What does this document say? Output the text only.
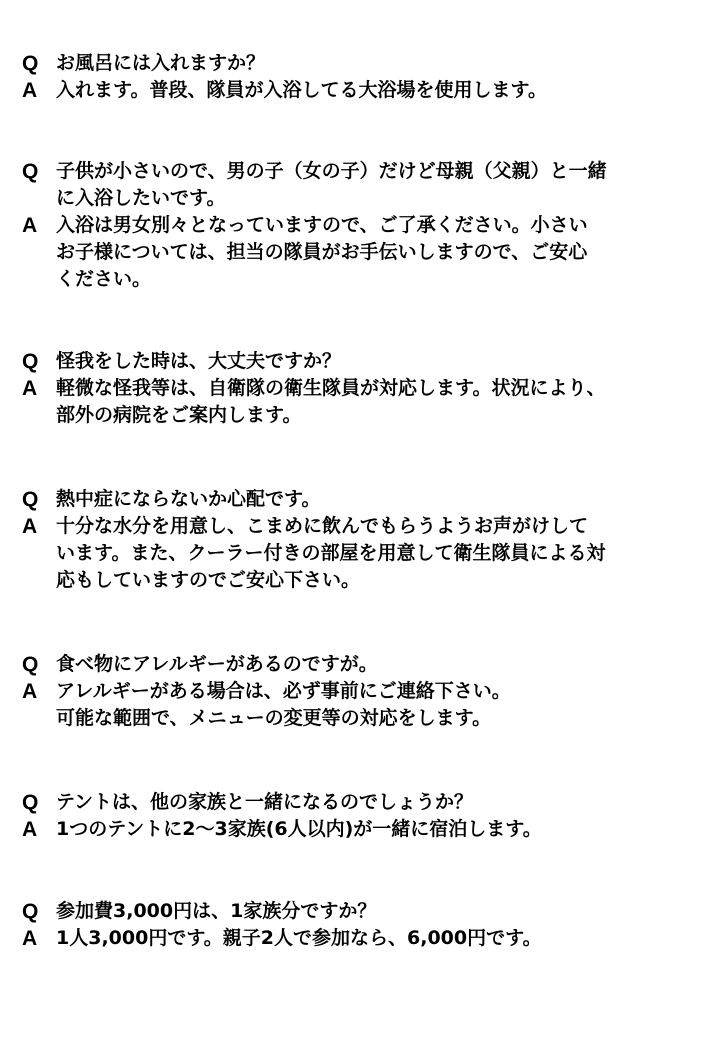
Q お風呂には入れますか？
A 入れます。普段、隊員が入浴してる大浴場を使用します。
Q 子供が小さいので、男の子（女の子）だけど母親（父親）と一緒
に入浴したいです。
A 入浴は男女別々となっていますので、ご了承ください。小さい
お子様については、担当の隊員がお手伝いしますので、ご安心
ください。
Q 怪我をした時は、大丈夫ですか？
A 軽微な怪我等は、自衛隊の衛生隊員が対応します。状況により、
部外の病院をご案内します。
Q 熱中症にならないか心配です。
A 十分な水分を用意し、こまめに飲んでもらうようお声がけして
います。また、クーラー付きの部屋を用意して衛生隊員による対
応もしていますのでご安心下さい。
Q 食べ物にアレルギーがあるのですが。
A アレルギーがある場合は、必ず事前にご連絡下さい。
可能な範囲で、メニューの変更等の対応をします。
Q テントは、他の家族と一緒になるのでしょうか？
A 1つのテントに2～3家族(6人以内)が一緒に宿泊します。
Q 参加費3,000円は、1家族分ですか？
A 1人3,000円です。親子2人で参加なら、6,000円です。
